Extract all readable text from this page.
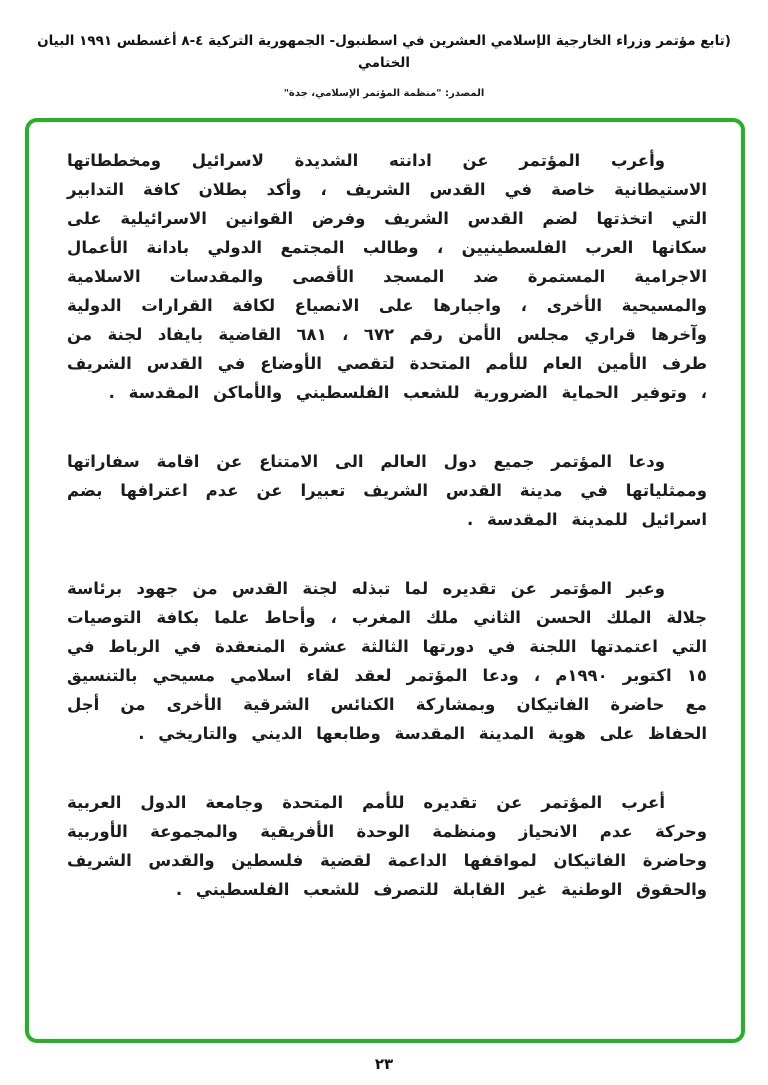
(تابع مؤتمر وزراء الخارجية الإسلامي العشرين في اسطنبول- الجمهورية التركية ٤-٨ أغسطس ١٩٩١ البيان الختامي
المصدر: "منظمة المؤتمر الإسلامي، جدة"

وأعرب المؤتمر عن ادانته الشديدة لاسرائيل ومخططاتها الاستيطانية خاصة في القدس الشريف ، وأكد بطلان كافة التدابير التي اتخذتها لضم القدس الشريف وفرض القوانين الاسرائيلية على سكانها العرب الفلسطينيين ، وطالب المجتمع الدولي بادانة الأعمال الاجرامية المستمرة ضد المسجد الأقصى والمقدسات الاسلامية والمسيحية الأخرى ، واجبارها على الانصياع لكافة القرارات الدولية وآخرها قراري مجلس الأمن رقم ٦٧٢ ، ٦٨١ القاضية بايفاد لجنة من طرف الأمين العام للأمم المتحدة لتقصي الأوضاع في القدس الشريف ، وتوفير الحماية الضرورية للشعب الفلسطيني والأماكن المقدسة .

ودعا المؤتمر جميع دول العالم الى الامتناع عن اقامة سفاراتها وممثلياتها في مدينة القدس الشريف تعبيرا عن عدم اعترافها بضم اسرائيل للمدينة المقدسة .

وعبر المؤتمر عن تقديره لما تبذله لجنة القدس من جهود برئاسة جلالة الملك الحسن الثاني ملك المغرب ، وأحاط علما بكافة التوصيات التي اعتمدتها اللجنة في دورتها الثالثة عشرة المنعقدة في الرباط في ١٥ اكتوبر ١٩٩٠م ، ودعا المؤتمر لعقد لقاء اسلامي مسيحي بالتنسيق مع حاضرة الفاتيكان وبمشاركة الكنائس الشرقية الأخرى من أجل الحفاظ على هوية المدينة المقدسة وطابعها الديني والتاريخي .

أعرب المؤتمر عن تقديره للأمم المتحدة وجامعة الدول العربية وحركة عدم الانحياز ومنظمة الوحدة الأفريقية والمجموعة الأوربية وحاضرة الفاتيكان لمواقفها الداعمة لقضية فلسطين والقدس الشريف والحقوق الوطنية غير القابلة للتصرف للشعب الفلسطيني .

٢٣
